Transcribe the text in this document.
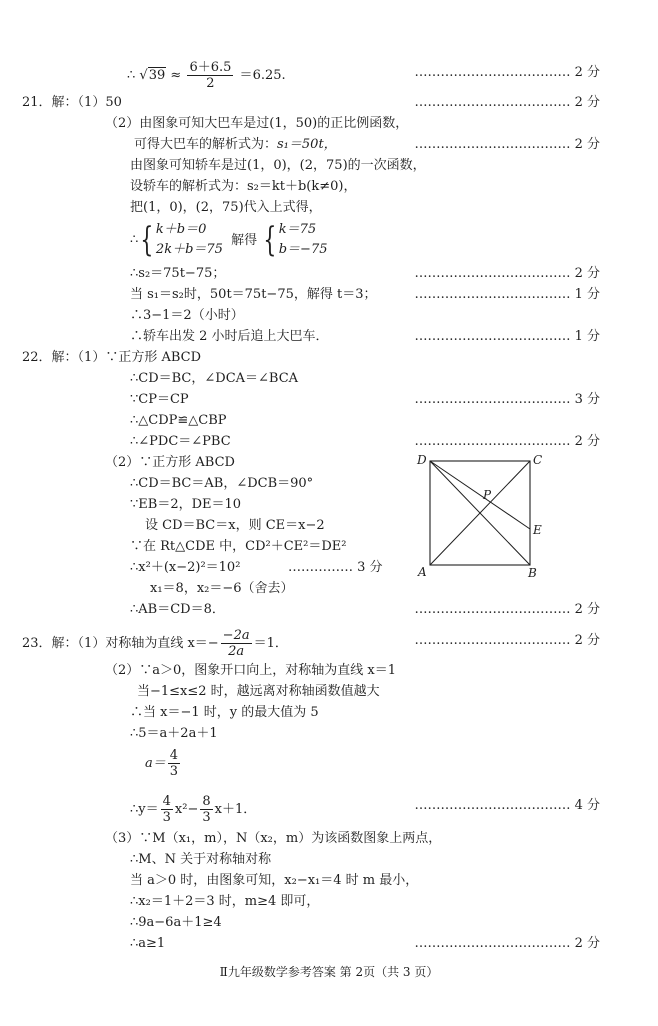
∴ $√39 \approx \frac{6+6.5}{2} =6.25$.	……………………………… 2 分
21．解：（1）50	……………………………… 2 分
（2）由图象可知大巴车是过(1，50)的正比例函数，
可得大巴车的解析式为：s₁＝50t，	……………………………… 2 分
由图象可知轿车是过(1，0)，(2，75)的一次函数，
设轿车的解析式为：s₂＝kt＋b(k≠0)，
把(1，0)，(2，75)代入上式得，
∴{ k＋b＝0
2k＋b＝75 解得 { k＝75
b＝−75
∴s₂＝75t−75；	……………………………… 2 分
当 s₁＝s₂时，50t＝75t−75，解得 t＝3；	……………………………… 1 分
∴3−1＝2（小时）
∴轿车出发 2 小时后追上大巴车．	……………………………… 1 分
22．解：（1）∵正方形 ABCD
∴CD＝BC，∠DCA＝∠BCA
∵CP＝CP	……………………………… 3 分
∴△CDP≌△CBP
∴∠PDC＝∠PBC	……………………………… 2 分
（2）∵正方形 ABCD
∴CD＝BC＝AB，∠DCB＝90°
∵EB＝2，DE＝10
设 CD＝BC＝x，则 CE＝x−2
∵在 Rt△CDE 中，CD²＋CE²＝DE²
∴x²＋(x−2)²＝10²	…………… 3 分
x₁＝8，x₂＝−6（舍去）
∴AB＝CD＝8．	……………………………… 2 分
D	C
P
E
A	B
23．解：（1）对称轴为直线 $x=- \frac{-2a}{2a} =1$．	……………………………… 2 分
（2）∵a＞0，图象开口向上，对称轴为直线 x＝1
当−1≤x≤2 时，越远离对称轴函数值越大
∴当 x＝−1 时，y 的最大值为 5
∴5＝a＋2a＋1
$a= \frac{4}{3}$
∴y＝ $\frac{4}{3} x^2- \frac{8}{3} x+1$．	……………………………… 4 分
（3）∵M（x₁，m），N（x₂，m）为该函数图象上两点，
∴M、N 关于对称轴对称
当 a＞0 时，由图象可知，x₂−x₁＝4 时 m 最小，
∴x₂＝1＋2＝3 时，m≥4 即可，
∴9a−6a＋1≥4
∴a≥1	……………………………… 2 分
Ⅱ九年级数学参考答案 第 2页（共 3 页）
